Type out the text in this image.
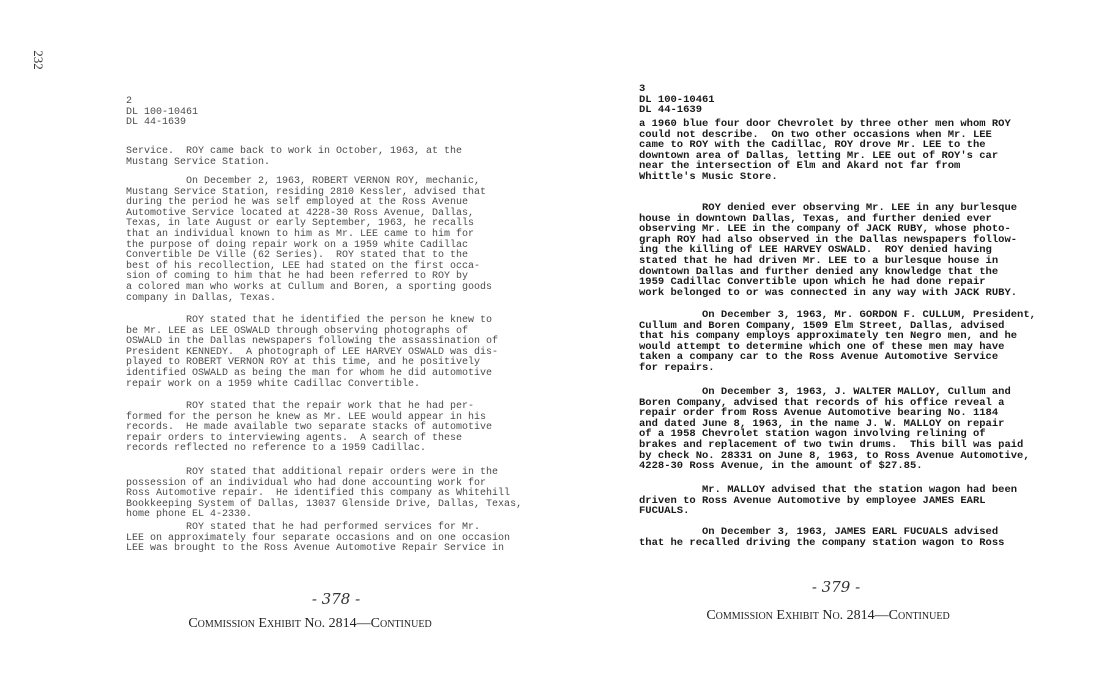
232
2
DL 100-10461
DL 44-1639
Service.  ROY came back to work in October, 1963, at the
Mustang Service Station.
On December 2, 1963, ROBERT VERNON ROY, mechanic,
Mustang Service Station, residing 2810 Kessler, advised that
during the period he was self employed at the Ross Avenue
Automotive Service located at 4228-30 Ross Avenue, Dallas,
Texas, in late August or early September, 1963, he recalls
that an individual known to him as Mr. LEE came to him for
the purpose of doing repair work on a 1959 white Cadillac
Convertible De Ville (62 Series).  ROY stated that to the
best of his recollection, LEE had stated on the first occa-
sion of coming to him that he had been referred to ROY by
a colored man who works at Cullum and Boren, a sporting goods
company in Dallas, Texas.
ROY stated that he identified the person he knew to
be Mr. LEE as LEE OSWALD through observing photographs of
OSWALD in the Dallas newspapers following the assassination of
President KENNEDY.  A photograph of LEE HARVEY OSWALD was dis-
played to ROBERT VERNON ROY at this time, and he positively
identified OSWALD as being the man for whom he did automotive
repair work on a 1959 white Cadillac Convertible.
ROY stated that the repair work that he had per-
formed for the person he knew as Mr. LEE would appear in his
records.  He made available two separate stacks of automotive
repair orders to interviewing agents.  A search of these
records reflected no reference to a 1959 Cadillac.
ROY stated that additional repair orders were in the
possession of an individual who had done accounting work for
Ross Automotive repair.  He identified this company as Whitehill
Bookkeeping System of Dallas, 13037 Glenside Drive, Dallas, Texas,
home phone EL 4-2330.
ROY stated that he had performed services for Mr.
LEE on approximately four separate occasions and on one occasion
LEE was brought to the Ross Avenue Automotive Repair Service in
- 378 -
Commission Exhibit No. 2814—Continued
3
DL 100-10461
DL 44-1639
a 1960 blue four door Chevrolet by three other men whom ROY
could not describe.  On two other occasions when Mr. LEE
came to ROY with the Cadillac, ROY drove Mr. LEE to the
downtown area of Dallas, letting Mr. LEE out of ROY's car
near the intersection of Elm and Akard not far from
Whittle's Music Store.
ROY denied ever observing Mr. LEE in any burlesque
house in downtown Dallas, Texas, and further denied ever
observing Mr. LEE in the company of JACK RUBY, whose photo-
graph ROY had also observed in the Dallas newspapers follow-
ing the killing of LEE HARVEY OSWALD.  ROY denied having
stated that he had driven Mr. LEE to a burlesque house in
downtown Dallas and further denied any knowledge that the
1959 Cadillac Convertible upon which he had done repair
work belonged to or was connected in any way with JACK RUBY.
On December 3, 1963, Mr. GORDON F. CULLUM, President,
Cullum and Boren Company, 1509 Elm Street, Dallas, advised
that his company employs approximately ten Negro men, and he
would attempt to determine which one of these men may have
taken a company car to the Ross Avenue Automotive Service
for repairs.
On December 3, 1963, J. WALTER MALLOY, Cullum and
Boren Company, advised that records of his office reveal a
repair order from Ross Avenue Automotive bearing No. 1184
and dated June 8, 1963, in the name J. W. MALLOY on repair
of a 1958 Chevrolet station wagon involving relining of
brakes and replacement of two twin drums.  This bill was paid
by check No. 28331 on June 8, 1963, to Ross Avenue Automotive,
4228-30 Ross Avenue, in the amount of $27.85.
Mr. MALLOY advised that the station wagon had been
driven to Ross Avenue Automotive by employee JAMES EARL
FUCUALS.
On December 3, 1963, JAMES EARL FUCUALS advised
that he recalled driving the company station wagon to Ross
- 379 -
Commission Exhibit No. 2814—Continued
